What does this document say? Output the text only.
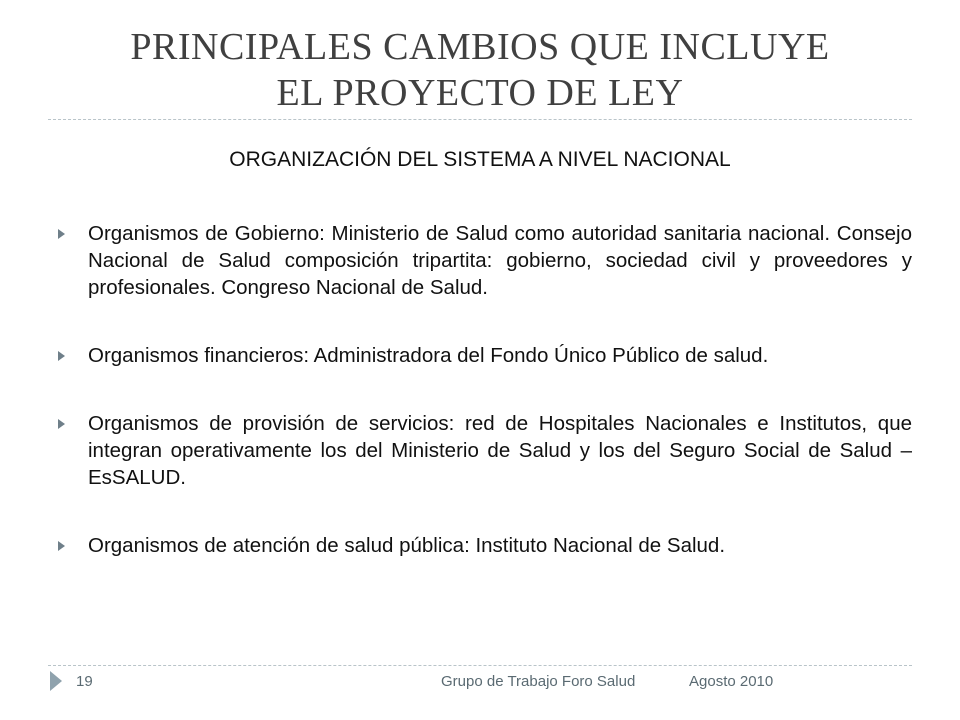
PRINCIPALES CAMBIOS QUE INCLUYE
EL PROYECTO DE LEY
ORGANIZACIÓN DEL SISTEMA A NIVEL NACIONAL
Organismos de Gobierno: Ministerio de Salud como autoridad sanitaria nacional. Consejo Nacional de Salud composición tripartita: gobierno, sociedad civil y proveedores y profesionales. Congreso Nacional de Salud.
Organismos financieros: Administradora del Fondo Único Público de salud.
Organismos de provisión de servicios: red de Hospitales Nacionales e Institutos, que integran operativamente los del Ministerio de Salud y los del Seguro Social de Salud – EsSALUD.
Organismos de atención de salud pública: Instituto Nacional de Salud.
19	Grupo de Trabajo Foro Salud	Agosto 2010
